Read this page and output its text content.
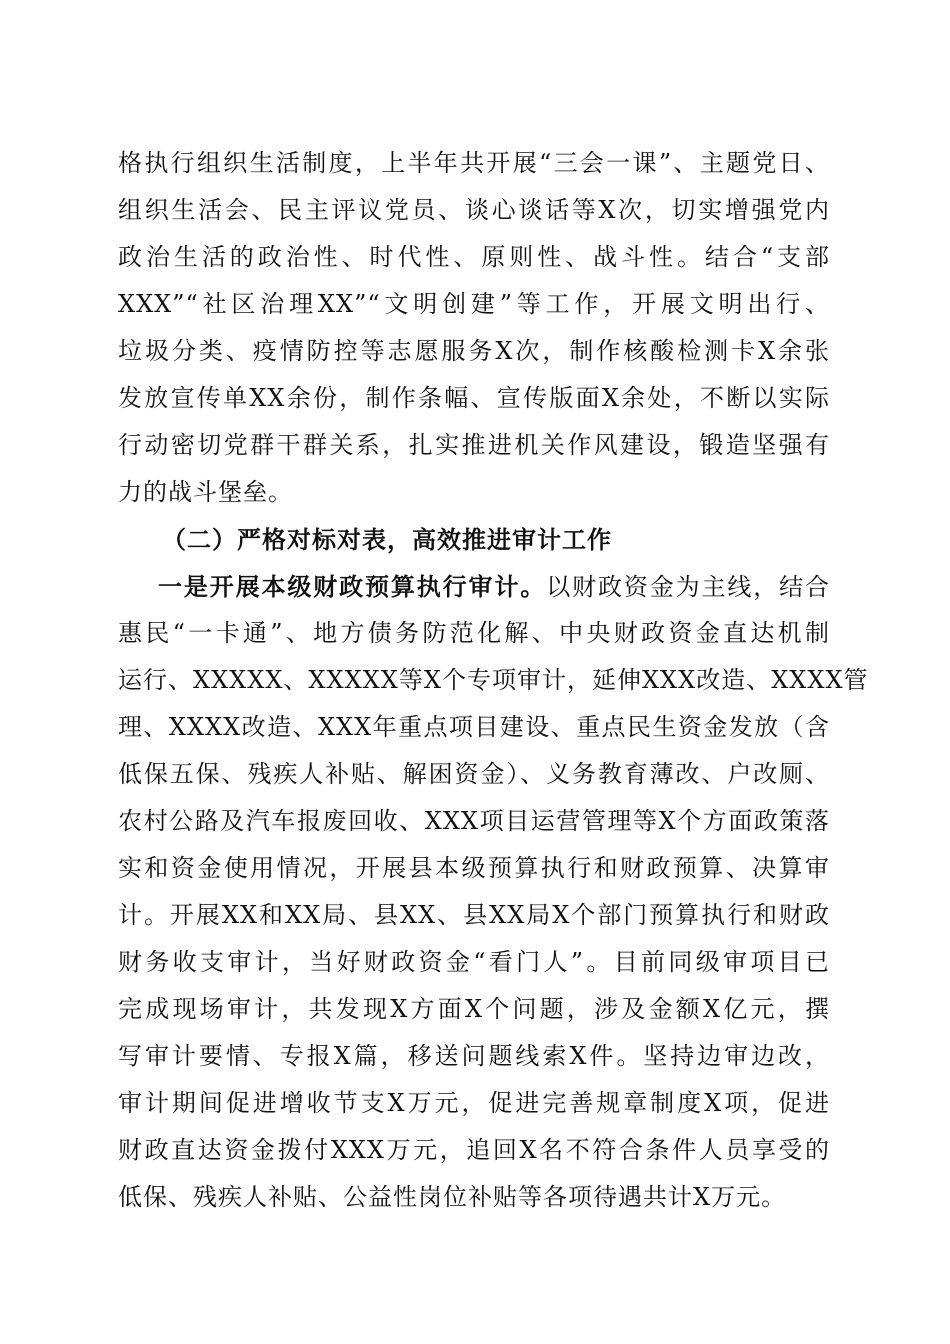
格执行组织生活制度，上半年共开展“三会一课”、主题党日、
组织生活会、民主评议党员、谈心谈话等X次，切实增强党内
政治生活的政治性、时代性、原则性、战斗性。结合“支部
XXX”“社区治理XX”“文明创建”等工作，开展文明出行、
垃圾分类、疫情防控等志愿服务X次，制作核酸检测卡X余张
发放宣传单XX余份，制作条幅、宣传版面X余处，不断以实际
行动密切党群干群关系，扎实推进机关作风建设，锻造坚强有
力的战斗堡垒。
（二）严格对标对表，高效推进审计工作
一是开展本级财政预算执行审计。以财政资金为主线，结合
惠民“一卡通”、地方债务防范化解、中央财政资金直达机制
运行、XXXXX、XXXXX等X个专项审计，延伸XXX改造、XXXX管
理、XXXX改造、XXX年重点项目建设、重点民生资金发放（含
低保五保、残疾人补贴、解困资金）、义务教育薄改、户改厕、
农村公路及汽车报废回收、XXX项目运营管理等X个方面政策落
实和资金使用情况，开展县本级预算执行和财政预算、决算审
计。开展XX和XX局、县XX、县XX局X个部门预算执行和财政
财务收支审计，当好财政资金“看门人”。目前同级审项目已
完成现场审计，共发现X方面X个问题，涉及金额X亿元，撰
写审计要情、专报X篇，移送问题线索X件。坚持边审边改，
审计期间促进增收节支X万元，促进完善规章制度X项，促进
财政直达资金拨付XXX万元，追回X名不符合条件人员享受的
低保、残疾人补贴、公益性岗位补贴等各项待遇共计X万元。
